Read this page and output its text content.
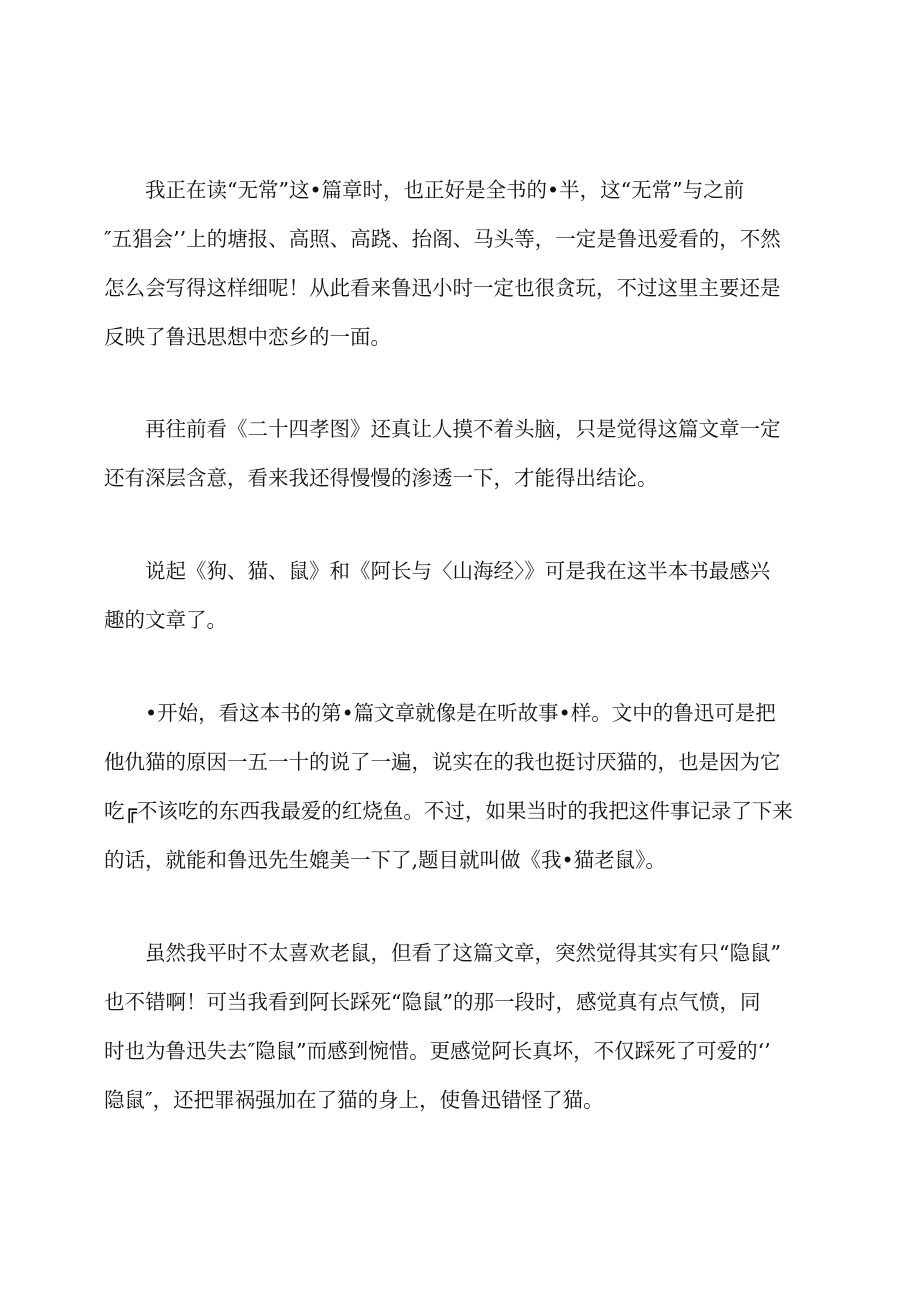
　　我正在读“无常”这•篇章时，也正好是全书的•半，这“无常”与之前
″五猖会’’上的塘报、高照、高跷、抬阁、马头等，一定是鲁迅爱看的，不然
怎么会写得这样细呢！从此看来鲁迅小时一定也很贪玩，不过这里主要还是
反映了鲁迅思想中恋乡的一面。
　　再往前看《二十四孝图》还真让人摸不着头脑，只是觉得这篇文章一定
还有深层含意，看来我还得慢慢的渗透一下，才能得出结论。
　　说起《狗、猫、鼠》和《阿长与〈山海经〉》可是我在这半本书最感兴
趣的文章了。
　　•开始，看这本书的第•篇文章就像是在听故事•样。文中的鲁迅可是把
他仇猫的原因一五一十的说了一遍，说实在的我也挺讨厌猫的，也是因为它
吃╔不该吃的东西我最爱的红烧鱼。不过，如果当时的我把这件事记录了下来
的话，就能和鲁迅先生媲美一下了,题目就叫做《我•猫老鼠》。
　　虽然我平时不太喜欢老鼠，但看了这篇文章，突然觉得其实有只“隐鼠”
也不错啊！可当我看到阿长踩死“隐鼠”的那一段时，感觉真有点气愤，同
时也为鲁迅失去″隐鼠”而感到惋惜。更感觉阿长真坏，不仅踩死了可爱的‘’
隐鼠″，还把罪祸强加在了猫的身上，使鲁迅错怪了猫。
